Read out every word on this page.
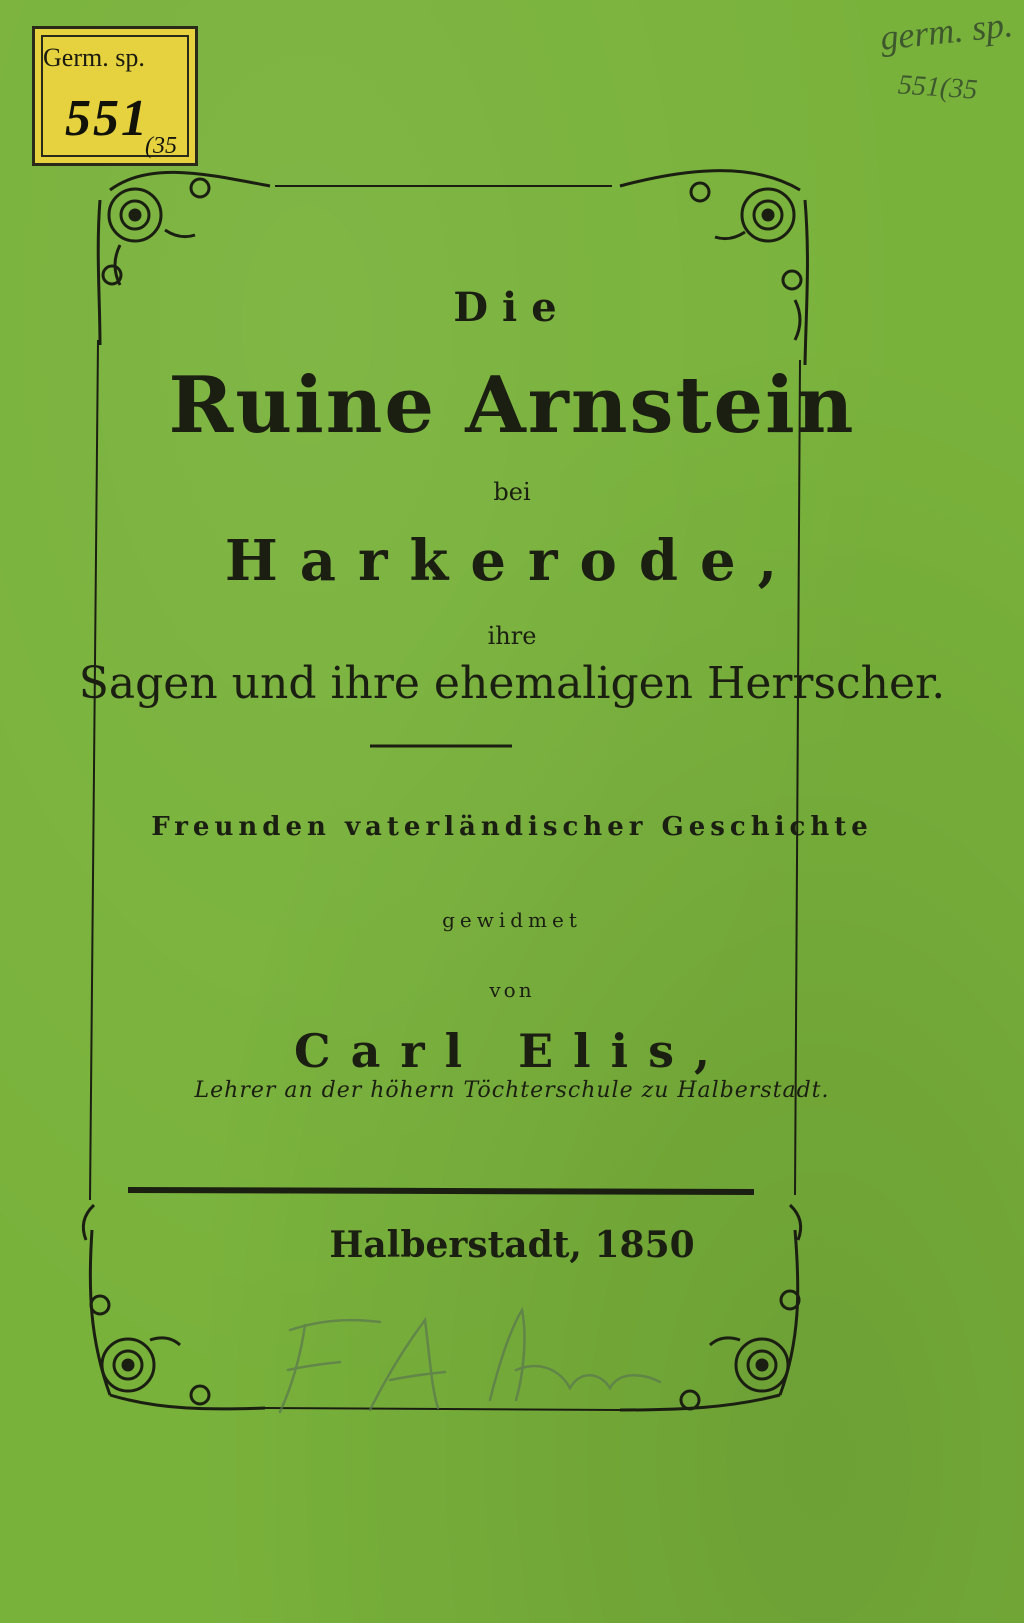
Germ. sp.
551
(35
germ. sp.
551(35
Die
Ruine Arnstein
bei
Harkerode,
ihre
Sagen und ihre ehemaligen Herrscher.
Freunden vaterländischer Geschichte
gewidmet
von
Carl Elis,
Lehrer an der höhern Töchterschule zu Halberstadt.
Halberstadt, 1850
